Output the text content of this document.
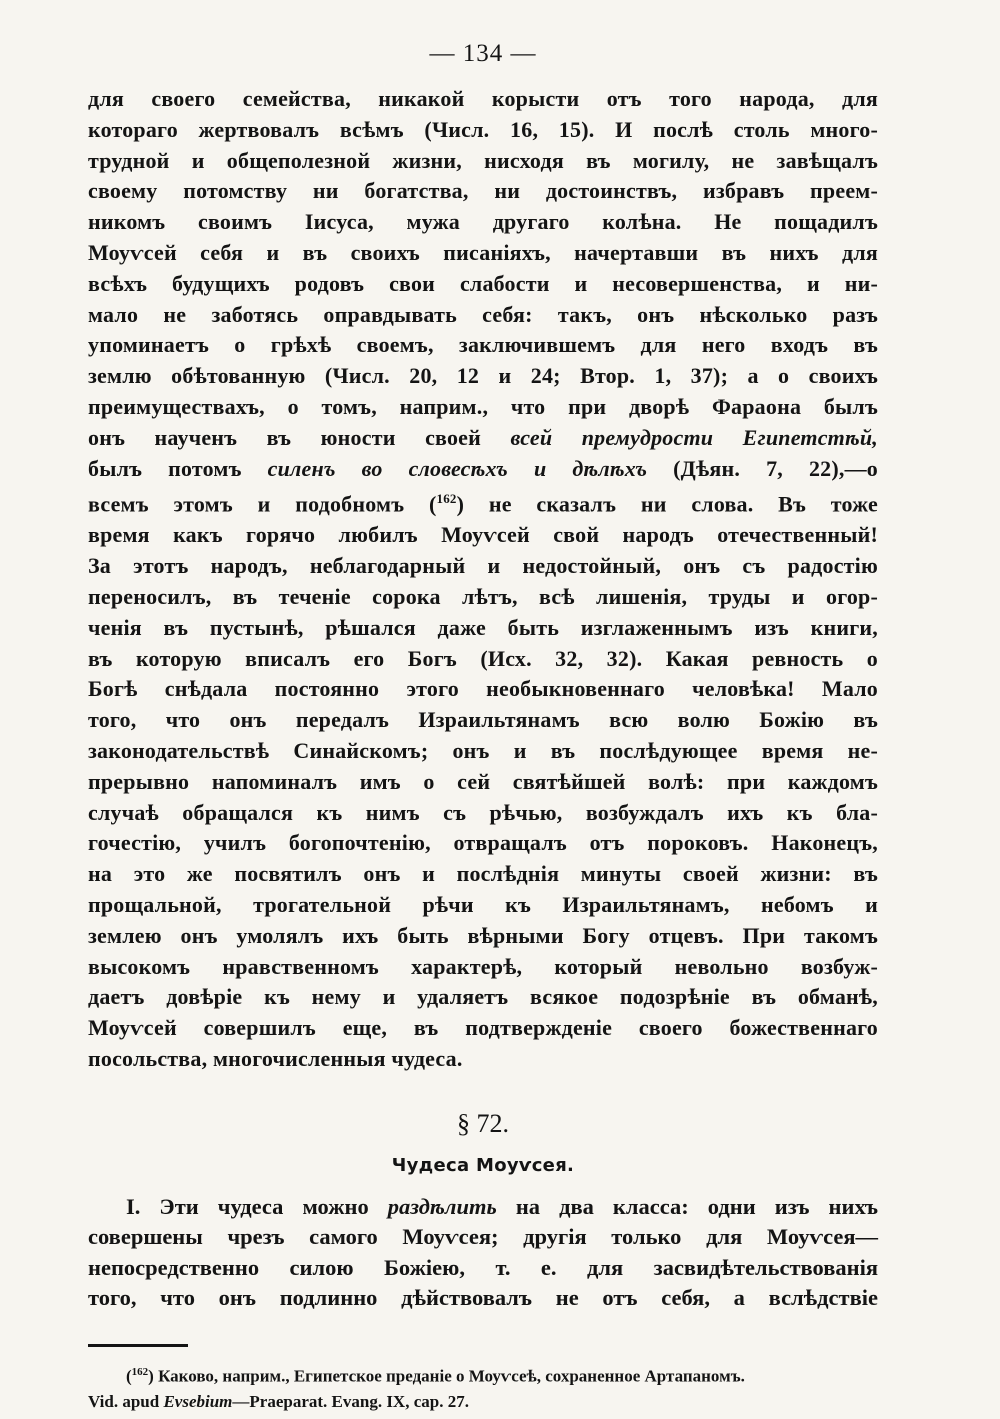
— 134 —

для своего семейства, никакой корысти отъ того народа, для

котораго жертвовалъ всѣмъ (Числ. 16, 15). И послѣ столь много-

трудной и общеполезной жизни, нисходя въ могилу, не завѣщалъ

своему потомству ни богатства, ни достоинствъ, избравъ преем-

никомъ своимъ Іисуса, мужа другаго колѣна. Не пощадилъ

Моуѵсей себя и въ своихъ писаніяхъ, начертавши въ нихъ для

всѣхъ будущихъ родовъ свои слабости и несовершенства, и ни-

мало не заботясь оправдывать себя: такъ, онъ нѣсколько разъ

упоминаетъ о грѣхѣ своемъ, заключившемъ для него входъ въ

землю обѣтованную (Числ. 20, 12 и 24; Втор. 1, 37); а о своихъ

преимуществахъ, о томъ, наприм., что при дворѣ Фараона былъ

онъ наученъ въ юности своей всей премудрости Египетстѣй,

былъ потомъ силенъ во словесѣхъ и дѣлѣхъ (Дѣян. 7, 22),—о

всемъ этомъ и подобномъ ($^{162}$) не сказалъ ни слова. Въ тоже

время какъ горячо любилъ Моуѵсей свой народъ отечественный!

За этотъ народъ, неблагодарный и недостойный, онъ съ радостію

переносилъ, въ теченіе сорока лѣтъ, всѣ лишенія, труды и огор-

ченія въ пустынѣ, рѣшался даже быть изглаженнымъ изъ книги,

въ которую вписалъ его Богъ (Исх. 32, 32). Какая ревность о

Богѣ снѣдала постоянно этого необыкновеннаго человѣка! Мало

того, что онъ передалъ Израильтянамъ всю волю Божію въ

законодательствѣ Синайскомъ; онъ и въ послѣдующее время не-

прерывно напоминалъ имъ о сей святѣйшей волѣ: при каждомъ

случаѣ обращался къ нимъ съ рѣчью, возбуждалъ ихъ къ бла-

гочестію, училъ богопочтенію, отвращалъ отъ пороковъ. Наконецъ,

на это же посвятилъ онъ и послѣднія минуты своей жизни: въ

прощальной, трогательной рѣчи къ Израильтянамъ, небомъ и

землею онъ умолялъ ихъ быть вѣрными Богу отцевъ. При такомъ

высокомъ нравственномъ характерѣ, который невольно возбуж-

даетъ довѣріе къ нему и удаляетъ всякое подозрѣніе въ обманѣ,

Моуѵсей совершилъ еще, въ подтвержденіе своего божественнаго

посольства, многочисленныя чудеса.

§ 72.
Чудеса Моуѵсея.

I. Эти чудеса можно раздѣлить на два класса: одни изъ нихъ

совершены чрезъ самого Моуѵсея; другія только для Моуѵсея—

непосредственно силою Божіею, т. е. для засвидѣтельствованія

того, что онъ подлинно дѣйствовалъ не отъ себя, а вслѣдствіе

($^{162}$) Каково, наприм., Египетское преданіе о Моуѵсеѣ, сохраненное Артапаномъ.

Vid. apud Evsebium—Praeparat. Evang. IX, cap. 27.
